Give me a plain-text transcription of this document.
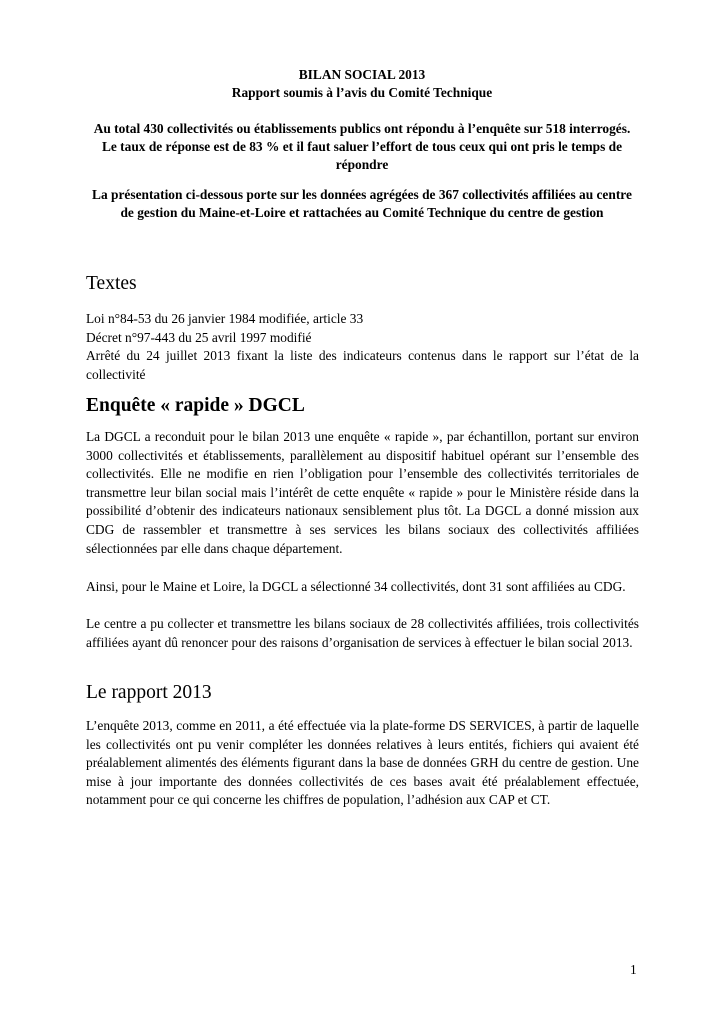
BILAN SOCIAL 2013
Rapport soumis à l’avis du Comité Technique
Au total 430 collectivités ou établissements publics ont répondu à l’enquête sur 518 interrogés. Le taux de réponse est de 83 % et il faut saluer l’effort de tous ceux qui ont pris le temps de répondre
La présentation ci-dessous porte sur les données agrégées de 367 collectivités affiliées au centre de gestion du Maine-et-Loire et rattachées au Comité Technique du centre de gestion
Textes

Loi n°84-53 du 26 janvier 1984 modifiée, article 33

Décret n°97-443 du 25 avril 1997 modifié

Arrêté du 24 juillet 2013 fixant la liste des indicateurs contenus dans le rapport sur l’état de la collectivité

Enquête « rapide » DGCL
La DGCL a reconduit pour le bilan 2013 une enquête « rapide », par échantillon, portant sur environ 3000 collectivités et établissements, parallèlement au dispositif habituel opérant sur l’ensemble des collectivités. Elle ne modifie en rien l’obligation pour l’ensemble des collectivités territoriales de transmettre leur bilan social mais l’intérêt de cette enquête « rapide » pour le Ministère réside dans la possibilité d’obtenir des indicateurs nationaux sensiblement plus tôt. La DGCL a donné mission aux CDG de rassembler et transmettre à ses services les bilans sociaux des collectivités affiliées sélectionnées par elle dans chaque département.
Ainsi, pour le Maine et Loire, la DGCL a sélectionné 34 collectivités, dont 31 sont affiliées au CDG.
Le centre a pu collecter et transmettre les bilans sociaux de 28 collectivités affiliées, trois collectivités affiliées ayant dû renoncer pour des raisons d’organisation de services à effectuer le bilan social 2013.
Le rapport 2013
L’enquête 2013, comme en 2011, a été effectuée via la plate-forme DS SERVICES, à partir de laquelle les collectivités ont pu venir compléter les données relatives à leurs entités, fichiers qui avaient été préalablement alimentés des éléments figurant dans la base de données GRH du centre de gestion. Une mise à jour importante des données collectivités de ces bases avait été préalablement effectuée, notamment pour ce qui concerne les chiffres de population, l’adhésion aux CAP et CT.
1
